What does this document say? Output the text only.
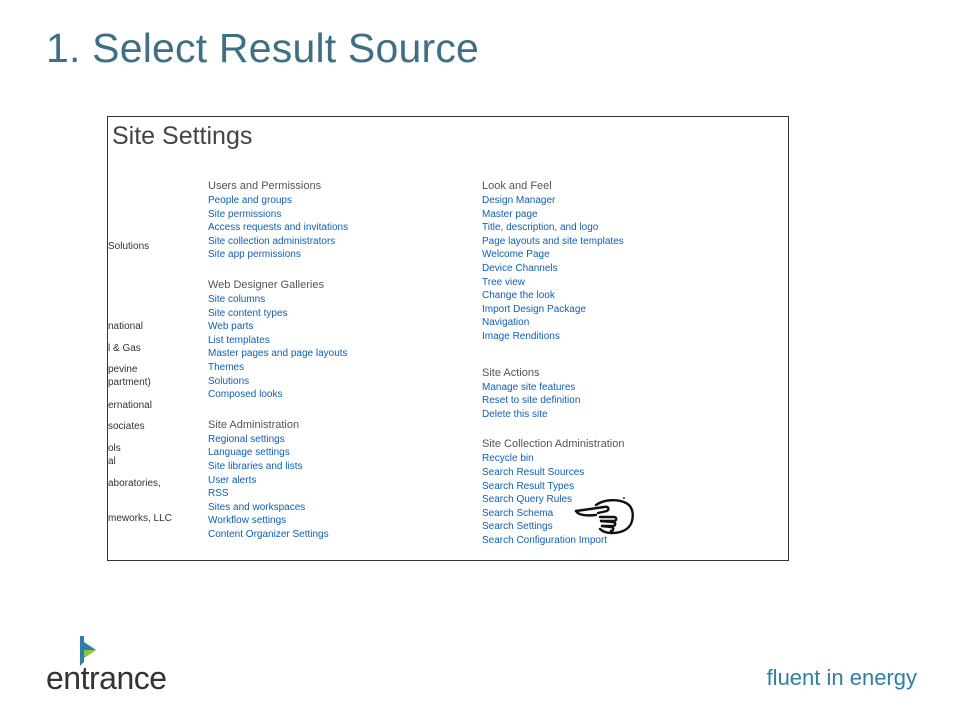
1. Select Result Source
Site Settings
Solutions
national
l & Gas
pevine
partment)
ernational
sociates
ols
al
aboratories,
meworks, LLC
Users and Permissions
People and groups
Site permissions
Access requests and invitations
Site collection administrators
Site app permissions
Web Designer Galleries
Site columns
Site content types
Web parts
List templates
Master pages and page layouts
Themes
Solutions
Composed looks
Site Administration
Regional settings
Language settings
Site libraries and lists
User alerts
RSS
Sites and workspaces
Workflow settings
Content Organizer Settings
Look and Feel
Design Manager
Master page
Title, description, and logo
Page layouts and site templates
Welcome Page
Device Channels
Tree view
Change the look
Import Design Package
Navigation
Image Renditions
Site Actions
Manage site features
Reset to site definition
Delete this site
Site Collection Administration
Recycle bin
Search Result Sources
Search Result Types
Search Query Rules
Search Schema
Search Settings
Search Configuration Import
entrance	fluent in energy
